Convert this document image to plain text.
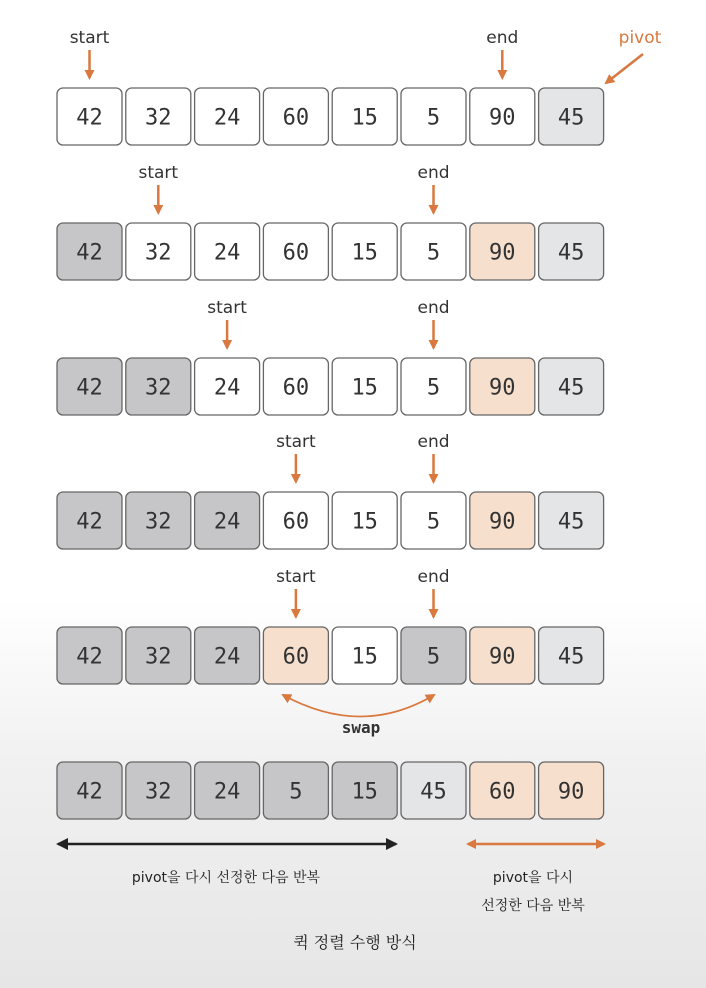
42 32 24 60 15 5 90 45
start	end	pivot
42 32 24 60 15 5 90 45
start	end
42 32 24 60 15 5 90 45
start	end
42 32 24 60 15 5 90 45
start	end
42 32 24 60 15 5 90 45
start	end
42 32 24 5 15 45 60 90
swap
pivot을 다시 선정한 다음 반복	pivot을 다시
선정한 다음 반복
퀵 정렬 수행 방식
